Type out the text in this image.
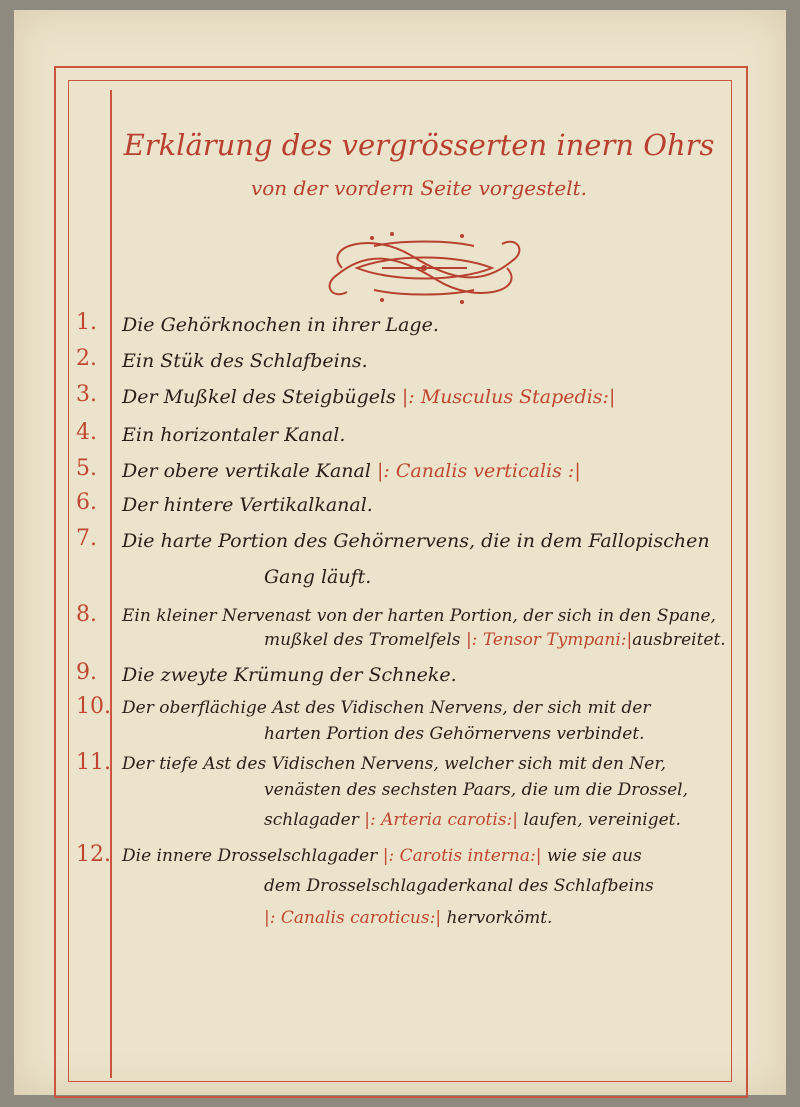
Erklärung des vergrösserten inern Ohrs
von der vordern Seite vorgestelt.
1. Die Gehörknochen in ihrer Lage.
2. Ein Stük des Schlafbeins.
3. Der Mußkel des Steigbügels |: Musculus Stapedis:|
4. Ein horizontaler Kanal.
5. Der obere vertikale Kanal |: Canalis verticalis :|
6. Der hintere Vertikalkanal.
7. Die harte Portion des Gehörnervens, die in dem Fallopischen
Gang läuft.
8. Ein kleiner Nervenast von der harten Portion, der sich in den Spane,
mußkel des Tromelfels |: Tensor Tympani:|ausbreitet.
9. Die zweyte Krümung der Schneke.
10. Der oberflächige Ast des Vidischen Nervens, der sich mit der
harten Portion des Gehörnervens verbindet.
11. Der tiefe Ast des Vidischen Nervens, welcher sich mit den Ner,
venästen des sechsten Paars, die um die Drossel,
schlagader |: Arteria carotis:| laufen, vereiniget.
12. Die innere Drosselschlagader |: Carotis interna:| wie sie aus
dem Drosselschlagaderkanal des Schlafbeins
|: Canalis caroticus:| hervorkömt.
